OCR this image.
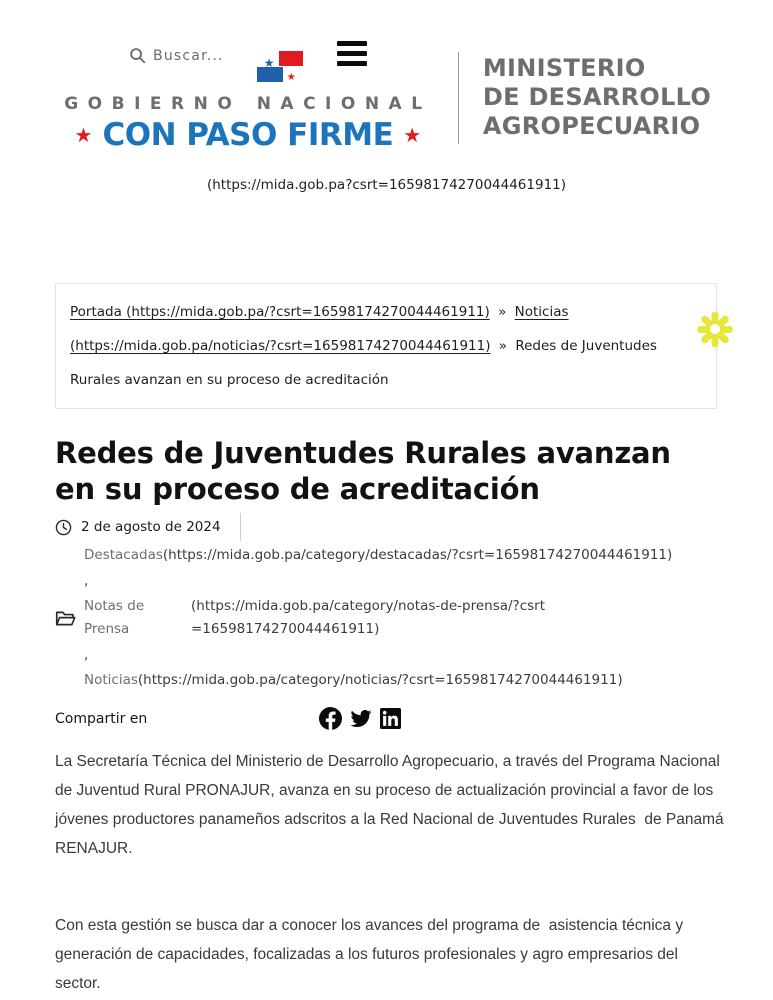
Buscar...
★
★
GOBIERNO NACIONAL
★ CON PASO FIRME ★
MINISTERIO
DE DESARROLLO
AGROPECUARIO
(https://mida.gob.pa?csrt=16598174270044461911)
Portada (https://mida.gob.pa/?csrt=16598174270044461911) » Noticias (https://mida.gob.pa/noticias/?csrt=16598174270044461911) » Redes de Juventudes Rurales avanzan en su proceso de acreditación
Redes de Juventudes Rurales avanzan en su proceso de acreditación
2 de agosto de 2024
Destacadas(https://mida.gob.pa/category/destacadas/?csrt=16598174270044461911)
,
Notas de Prensa
(https://mida.gob.pa/category/notas-de-prensa/?csrt=16598174270044461911)
,
Noticias(https://mida.gob.pa/category/noticias/?csrt=16598174270044461911)
Compartir en

La Secretaría Técnica del Ministerio de Desarrollo Agropecuario, a través del Programa Nacional de Juventud Rural PRONAJUR, avanza en su proceso de actualización provincial a favor de los jóvenes productores panameños adscritos a la Red Nacional de Juventudes Rurales  de Panamá RENAJUR.

Con esta gestión se busca dar a conocer los avances del programa de  asistencia técnica y generación de capacidades, focalizadas a los futuros profesionales y agro empresarios del sector.
